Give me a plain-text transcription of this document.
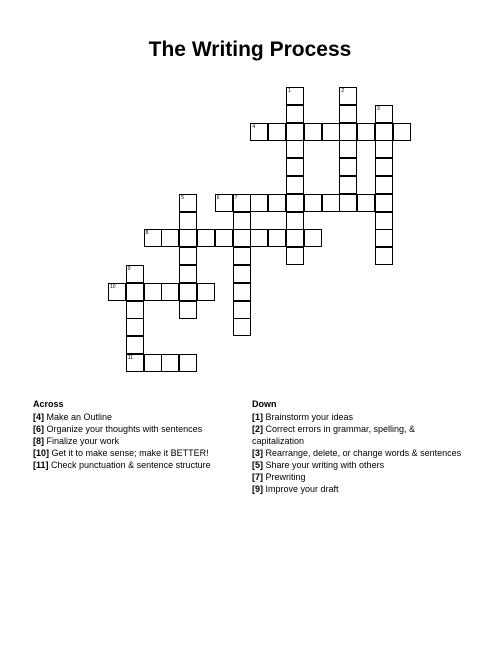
The Writing Process
1	2
3
4
5	6	7
8
9
11
10
Across
[4] Make an Outline
[6] Organize your thoughts with sentences
[8] Finalize your work
[10] Get it to make sense; make it BETTER!
[11] Check punctuation & sentence structure
Down
[1] Brainstorm your ideas
[2] Correct errors in grammar, spelling, &
capitalization
[3] Rearrange, delete, or change words & sentences
[5] Share your writing with others
[7] Prewriting
[9] Improve your draft
